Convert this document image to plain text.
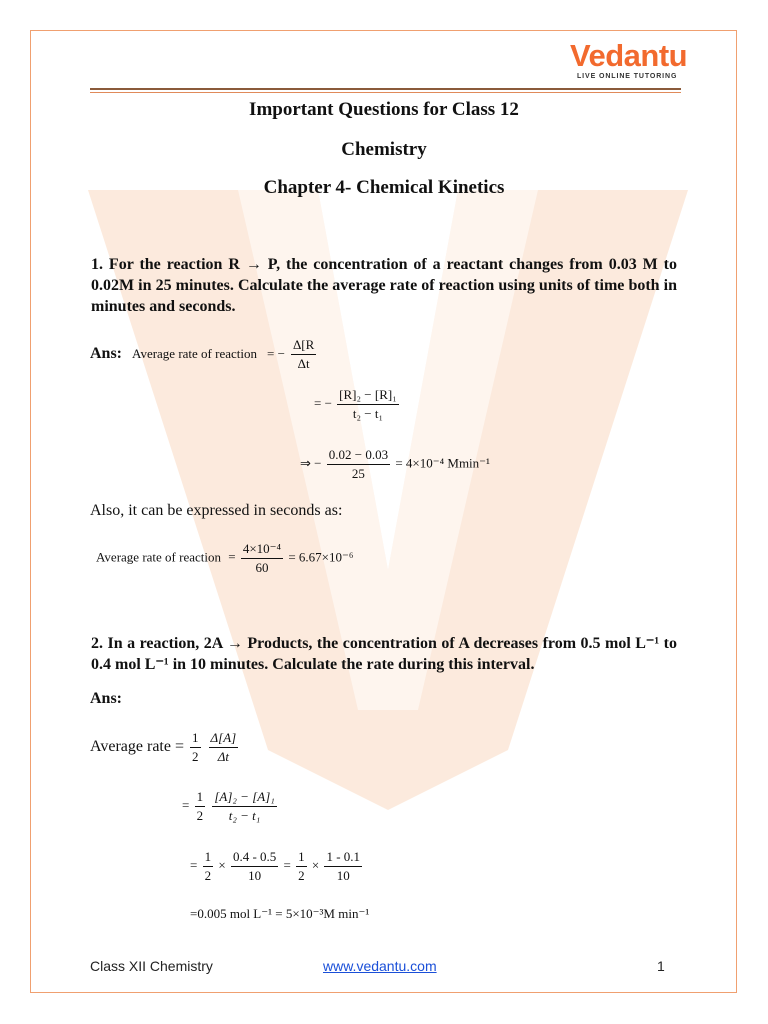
Vedantu
LIVE ONLINE TUTORING
Important Questions for Class 12
Chemistry
Chapter 4- Chemical Kinetics
1. For the reaction R → P, the concentration of a reactant changes from 0.03 M to 0.02M in 25 minutes. Calculate the average rate of reaction using units of time both in minutes and seconds.
Ans: Average rate of reaction = − $\frac{\Delta[R}{\Delta t}$
= − $\frac{\text{[R]₂ − [R]₁}}{\text{t₂ − t₁}}$
⇒ − $\frac{0.02 - 0.03}{25} = 4\times 10^{-4}$ Mmin⁻¹
Also, it can be expressed in seconds as:
Average rate of reaction = $\frac{\text{4×10⁻⁴}}{60} = 6.67\times 10^{-6}$
2. In a reaction, 2A → Products, the concentration of A decreases from 0.5 mol L⁻¹ to 0.4 mol L⁻¹ in 10 minutes. Calculate the rate during this interval.
Ans:
Average rate = $\frac{1}{2}$
$\frac{\Delta[A]}{\Delta t}$
= $\frac{1}{2}$
$\frac{\text{[A]₂ − [A]₁}}{\text{t₂ − t₁}}$
= $\frac{1}{2} \times \frac{0.4 - 0.5}{10} = \frac{1}{2} \times \frac{1 - 0.1}{10}$
=0.005 mol L⁻¹ = 5×10⁻³M min⁻¹
Class XII Chemistry	www.vedantu.com	1
